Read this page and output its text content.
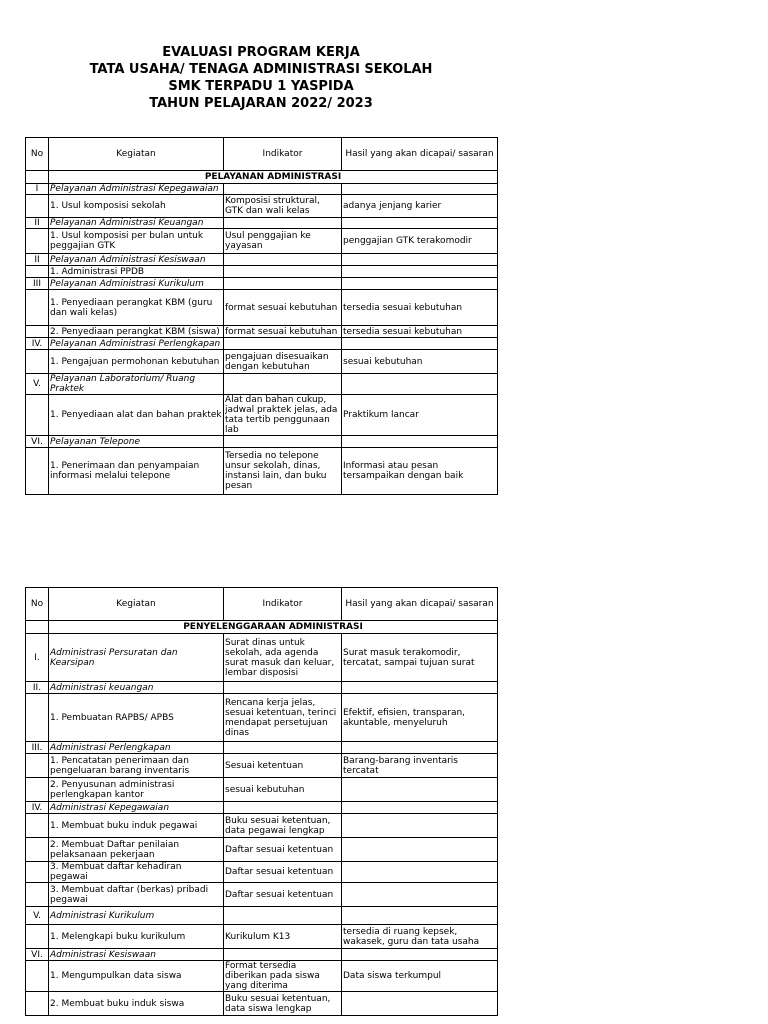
EVALUASI PROGRAM KERJA
TATA USAHA/ TENAGA ADMINISTRASI SEKOLAH
SMK TERPADU 1 YASPIDA
TAHUN PELAJARAN 2022/ 2023
No	Kegiatan	Indikator	Hasil yang akan dicapai/ sasaran
	PELAYANAN ADMINISTRASI		
I	Pelayanan Administrasi Kepegawaian		
	1. Usul komposisi sekolah	Komposisi struktural, GTK dan wali kelas	adanya jenjang karier
II	Pelayanan Administrasi Keuangan		
	1. Usul komposisi per bulan untuk peggajian GTK	Usul penggajian ke yayasan	penggajian GTK terakomodir
II	Pelayanan Administrasi Kesiswaan		
	1. Administrasi PPDB		
III	Pelayanan Administrasi Kurikulum		
	1. Penyediaan perangkat KBM (guru dan wali kelas)	format sesuai kebutuhan	tersedia sesuai kebutuhan
	2. Penyediaan perangkat KBM (siswa)	format sesuai kebutuhan	tersedia sesuai kebutuhan
IV.	Pelayanan Administrasi Perlengkapan		
	1. Pengajuan permohonan kebutuhan	pengajuan disesuaikan dengan kebutuhan	sesuai kebutuhan
V.	Pelayanan Laboratorium/ Ruang Praktek		
	1. Penyediaan alat dan bahan praktek	Alat dan bahan cukup, jadwal praktek jelas, ada tata tertib penggunaan lab	Praktikum lancar
VI.	Pelayanan Telepone		
	1. Penerimaan dan penyampaian informasi melalui telepone	Tersedia no telepone unsur sekolah, dinas, instansi lain, dan buku pesan	Informasi atau pesan tersampaikan dengan baik
No	Kegiatan	Indikator	Hasil yang akan dicapai/ sasaran
	PENYELENGGARAAN ADMINISTRASI		
I.	Administrasi Persuratan dan Kearsipan	Surat dinas untuk sekolah, ada agenda surat masuk dan keluar, lembar disposisi	Surat masuk terakomodir, tercatat, sampai tujuan surat
II.	Administrasi keuangan		
	1. Pembuatan RAPBS/ APBS	Rencana kerja jelas, sesuai ketentuan, terinci mendapat persetujuan dinas	Efektif, efisien, transparan, akuntable, menyeluruh
III.	Administrasi Perlengkapan		
	1. Pencatatan penerimaan dan pengeluaran barang inventaris	Sesuai ketentuan	Barang-barang inventaris tercatat
	2. Penyusunan administrasi perlengkapan kantor	sesuai kebutuhan	
IV.	Administrasi Kepegawaian		
	1. Membuat buku induk pegawai	Buku sesuai ketentuan, data pegawai lengkap	
	2. Membuat Daftar penilaian pelaksanaan pekerjaan	Daftar sesuai ketentuan	
	3. Membuat daftar kehadiran pegawai	Daftar sesuai ketentuan	
	3. Membuat daftar (berkas) pribadi pegawai	Daftar sesuai ketentuan	
V.	Administrasi Kurikulum		
	1. Melengkapi buku kurikulum	Kurikulum K13	tersedia di ruang kepsek, wakasek, guru dan tata usaha
VI.	Administrasi Kesiswaan		
	1. Mengumpulkan data siswa	Format tersedia diberikan pada siswa yang diterima	Data siswa terkumpul
	2. Membuat buku induk siswa	Buku sesuai ketentuan, data siswa lengkap	
